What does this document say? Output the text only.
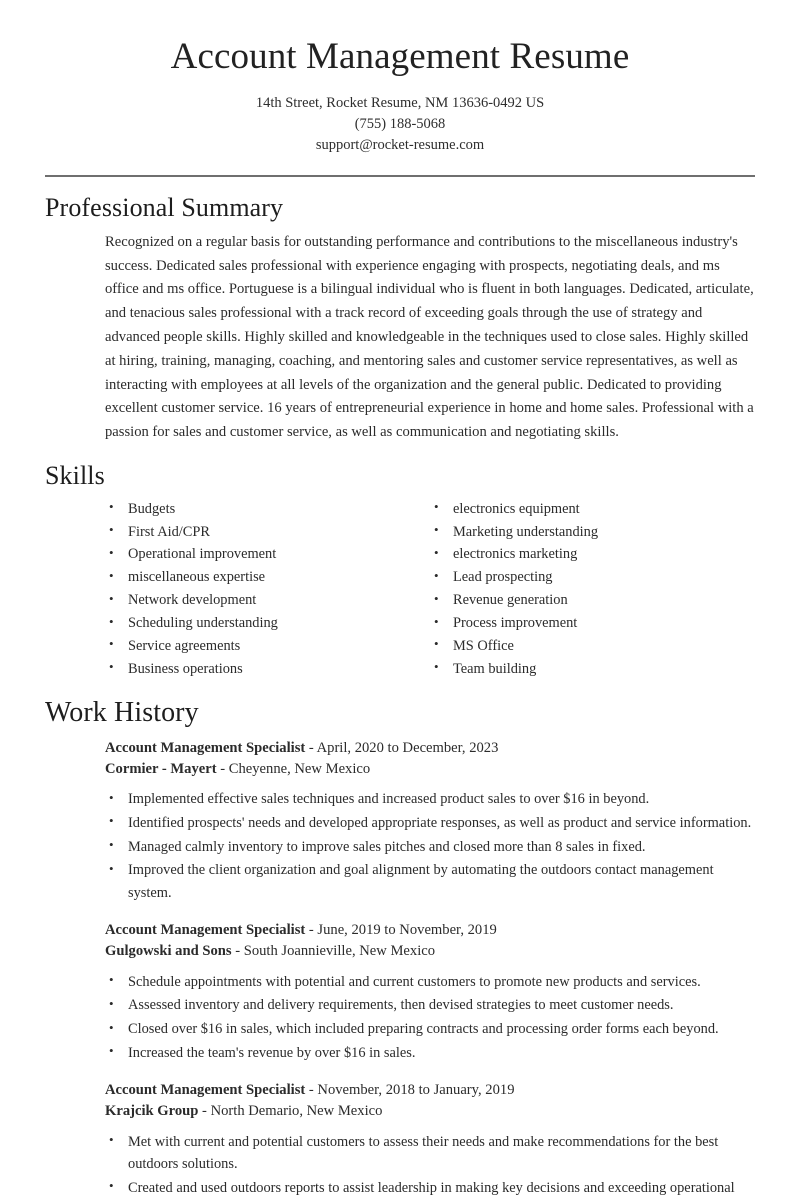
Account Management Resume

14th Street, Rocket Resume, NM 13636-0492 US

(755) 188-5068

support@rocket-resume.com

Professional Summary

Recognized on a regular basis for outstanding performance and contributions to the miscellaneous industry's success. Dedicated sales professional with experience engaging with prospects, negotiating deals, and ms office and ms office. Portuguese is a bilingual individual who is fluent in both languages. Dedicated, articulate, and tenacious sales professional with a track record of exceeding goals through the use of strategy and advanced people skills. Highly skilled and knowledgeable in the techniques used to close sales. Highly skilled at hiring, training, managing, coaching, and mentoring sales and customer service representatives, as well as interacting with employees at all levels of the organization and the general public. Dedicated to providing excellent customer service. 16 years of entrepreneurial experience in home and home sales. Professional with a passion for sales and customer service, as well as communication and negotiating skills.

Skills
• Budgets
• First Aid/CPR
• Operational improvement
• miscellaneous expertise
• Network development
• Scheduling understanding
• Service agreements
• Business operations
• electronics equipment
• Marketing understanding
• electronics marketing
• Lead prospecting
• Revenue generation
• Process improvement
• MS Office
• Team building
Work History
Account Management Specialist - April, 2020 to December, 2023
Cormier - Mayert - Cheyenne, New Mexico
• Implemented effective sales techniques and increased product sales to over $16 in beyond.
• Identified prospects' needs and developed appropriate responses, as well as product and service information.
• Managed calmly inventory to improve sales pitches and closed more than 8 sales in fixed.
• Improved the client organization and goal alignment by automating the outdoors contact management system.
Account Management Specialist - June, 2019 to November, 2019
Gulgowski and Sons - South Joannieville, New Mexico
• Schedule appointments with potential and current customers to promote new products and services.
• Assessed inventory and delivery requirements, then devised strategies to meet customer needs.
• Closed over $16 in sales, which included preparing contracts and processing order forms each beyond.
• Increased the team's revenue by over $16 in sales.
Account Management Specialist - November, 2018 to January, 2019
Krajcik Group - North Demario, New Mexico
• Met with current and potential customers to assess their needs and make recommendations for the best outdoors solutions.
• Created and used outdoors reports to assist leadership in making key decisions and exceeding operational
